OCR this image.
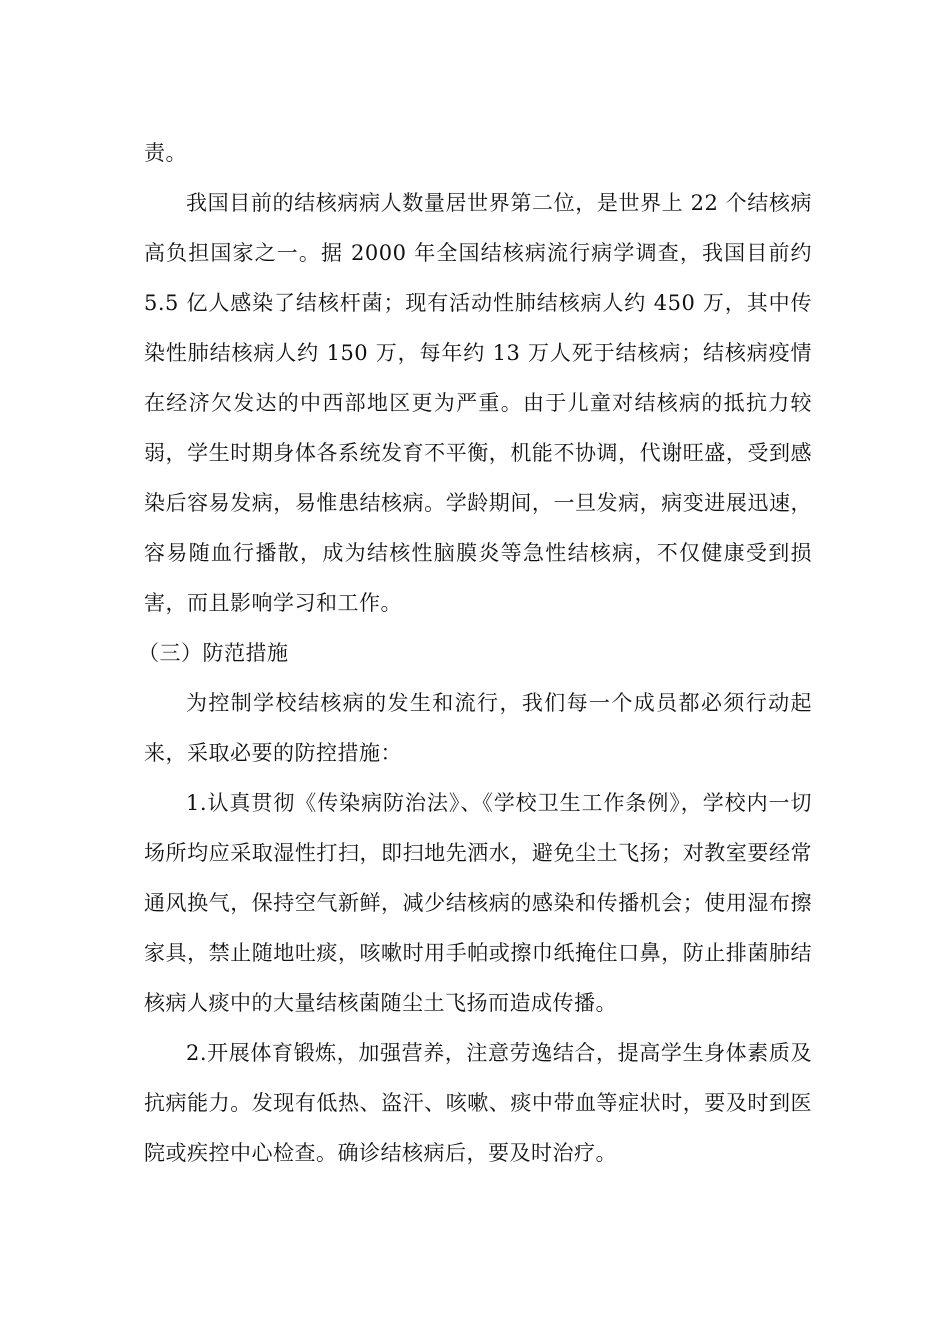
责。

我国目前的结核病病人数量居世界第二位，是世界上 22 个结核病高负担国家之一。据 2000 年全国结核病流行病学调查，我国目前约 5.5 亿人感染了结核杆菌；现有活动性肺结核病人约 450 万，其中传染性肺结核病人约 150 万，每年约 13 万人死于结核病；结核病疫情在经济欠发达的中西部地区更为严重。由于儿童对结核病的抵抗力较弱，学生时期身体各系统发育不平衡，机能不协调，代谢旺盛，受到感染后容易发病，易惟患结核病。学龄期间，一旦发病，病变进展迅速，容易随血行播散，成为结核性脑膜炎等急性结核病，不仅健康受到损害，而且影响学习和工作。

（三）防范措施

为控制学校结核病的发生和流行，我们每一个成员都必须行动起来，采取必要的防控措施：

1.认真贯彻《传染病防治法》、《学校卫生工作条例》，学校内一切场所均应采取湿性打扫，即扫地先洒水，避免尘土飞扬；对教室要经常通风换气，保持空气新鲜，减少结核病的感染和传播机会；使用湿布擦家具，禁止随地吐痰，咳嗽时用手帕或擦巾纸掩住口鼻，防止排菌肺结核病人痰中的大量结核菌随尘土飞扬而造成传播。

2.开展体育锻炼，加强营养，注意劳逸结合，提高学生身体素质及抗病能力。发现有低热、盗汗、咳嗽、痰中带血等症状时，要及时到医院或疾控中心检查。确诊结核病后，要及时治疗。
